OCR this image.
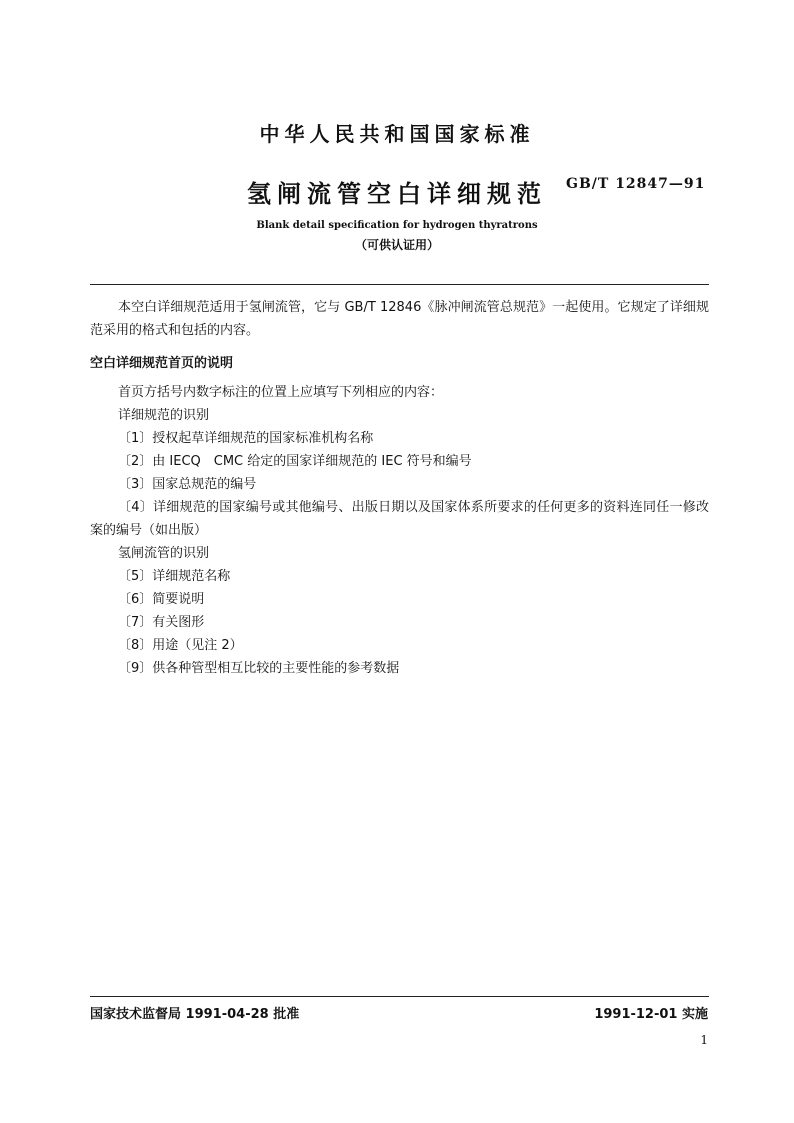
中华人民共和国国家标准
氢闸流管空白详细规范	GB/T 12847—91
Blank detail specification for hydrogen thyratrons
（可供认证用）
本空白详细规范适用于氢闸流管，它与 GB/T 12846《脉冲闸流管总规范》一起使用。它规定了详细规范采用的格式和包括的内容。
空白详细规范首页的说明
首页方括号内数字标注的位置上应填写下列相应的内容：
详细规范的识别
〔1〕授权起草详细规范的国家标准机构名称
〔2〕由 IECQ　CMC 给定的国家详细规范的 IEC 符号和编号
〔3〕国家总规范的编号
〔4〕详细规范的国家编号或其他编号、出版日期以及国家体系所要求的任何更多的资料连同任一修改案的编号（如出版）
氢闸流管的识别
〔5〕详细规范名称
〔6〕简要说明
〔7〕有关图形
〔8〕用途（见注 2）
〔9〕供各种管型相互比较的主要性能的参考数据
国家技术监督局 1991-04-28 批准	1991-12-01 实施
1
